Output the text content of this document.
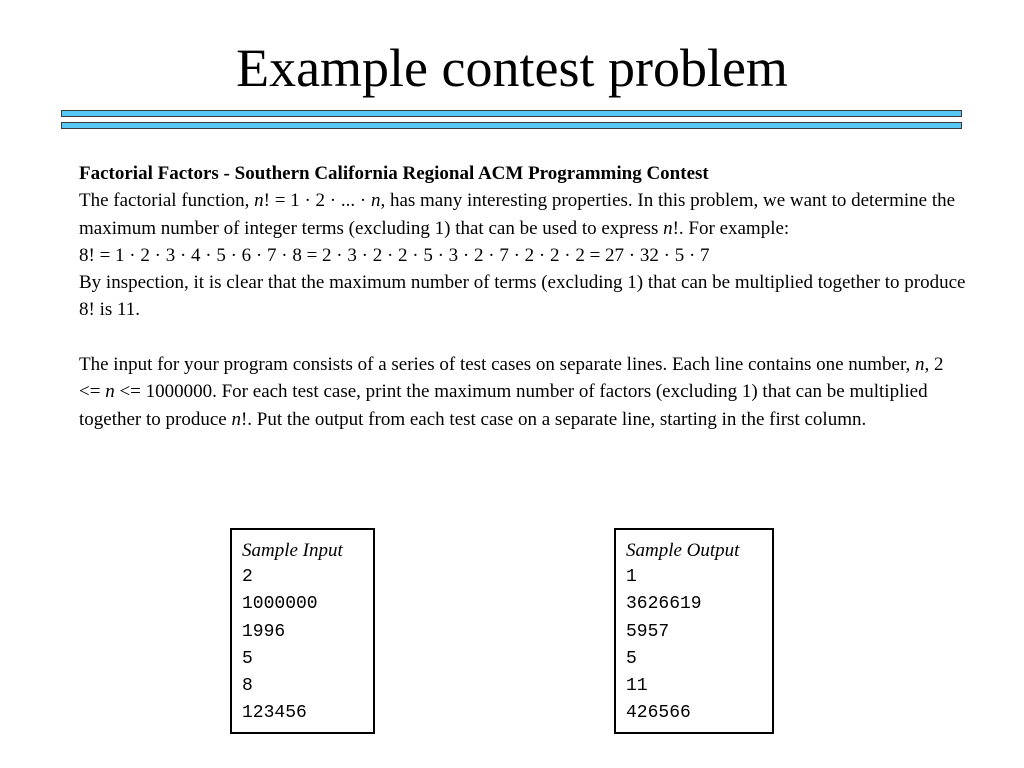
Example contest problem

Factorial Factors - Southern California Regional ACM Programming Contest

The factorial function, n! = 1 · 2 · ... · n, has many interesting properties. In this problem, we want to determine the maximum number of integer terms (excluding 1) that can be used to express n!. For example:

8! = 1 · 2 · 3 · 4 · 5 · 6 · 7 · 8 = 2 · 3 · 2 · 2 · 5 · 3 · 2 · 7 · 2 · 2 · 2 = 27 · 32 · 5 · 7

By inspection, it is clear that the maximum number of terms (excluding 1) that can be multiplied together to produce 8! is 11.

The input for your program consists of a series of test cases on separate lines. Each line contains one number, n, 2 <= n <= 1000000. For each test case, print the maximum number of factors (excluding 1) that can be multiplied together to produce n!. Put the output from each test case on a separate line, starting in the first column.

Sample Input
2
1000000
1996
5
8
123456
Sample Output
1
3626619
5957
5
11
426566
